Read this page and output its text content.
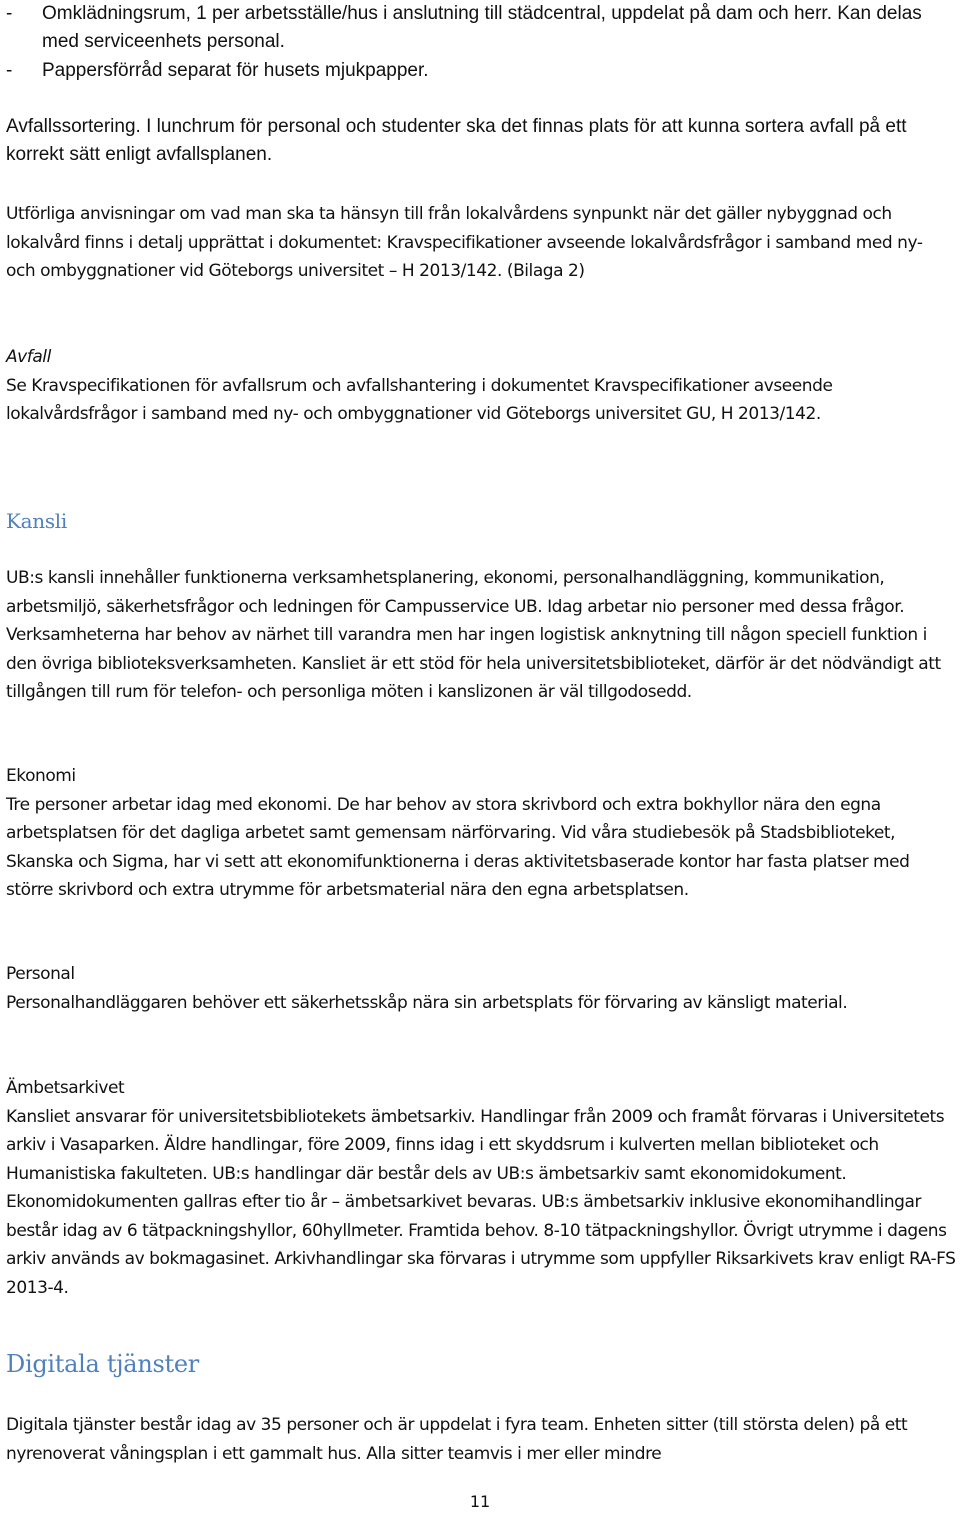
- Omklädningsrum, 1 per arbetsställe/hus i anslutning till städcentral, uppdelat på dam och herr. Kan delas med serviceenhets personal.
- Pappersförråd separat för husets mjukpapper.

Avfallssortering. I lunchrum för personal och studenter ska det finnas plats för att kunna sortera avfall på ett korrekt sätt enligt avfallsplanen.

Utförliga anvisningar om vad man ska ta hänsyn till från lokalvårdens synpunkt när det gäller nybyggnad och lokalvård finns i detalj upprättat i dokumentet: Kravspecifikationer avseende lokalvårdsfrågor i samband med ny- och ombyggnationer vid Göteborgs universitet – H 2013/142. (Bilaga 2)

Avfall

Se Kravspecifikationen för avfallsrum och avfallshantering i dokumentet Kravspecifikationer avseende lokalvårdsfrågor i samband med ny- och ombyggnationer vid Göteborgs universitet GU, H 2013/142.

Kansli

UB:s kansli innehåller funktionerna verksamhetsplanering, ekonomi, personalhandläggning, kommunikation, arbetsmiljö, säkerhetsfrågor och ledningen för Campusservice UB. Idag arbetar nio personer med dessa frågor. Verksamheterna har behov av närhet till varandra men har ingen logistisk anknytning till någon speciell funktion i den övriga biblioteksverksamheten. Kansliet är ett stöd för hela universitetsbiblioteket, därför är det nödvändigt att tillgången till rum för telefon- och personliga möten i kanslizonen är väl tillgodosedd.

Ekonomi

Tre personer arbetar idag med ekonomi. De har behov av stora skrivbord och extra bokhyllor nära den egna arbetsplatsen för det dagliga arbetet samt gemensam närförvaring. Vid våra studiebesök på Stadsbiblioteket, Skanska och Sigma, har vi sett att ekonomifunktionerna i deras aktivitetsbaserade kontor har fasta platser med större skrivbord och extra utrymme för arbetsmaterial nära den egna arbetsplatsen.

Personal

Personalhandläggaren behöver ett säkerhetsskåp nära sin arbetsplats för förvaring av känsligt material.

Ämbetsarkivet

Kansliet ansvarar för universitetsbibliotekets ämbetsarkiv. Handlingar från 2009 och framåt förvaras i Universitetets arkiv i Vasaparken. Äldre handlingar, före 2009, finns idag i ett skyddsrum i kulverten mellan biblioteket och Humanistiska fakulteten. UB:s handlingar där består dels av UB:s ämbetsarkiv samt ekonomidokument. Ekonomidokumenten gallras efter tio år – ämbetsarkivet bevaras. UB:s ämbetsarkiv inklusive ekonomihandlingar består idag av 6 tätpackningshyllor, 60hyllmeter. Framtida behov. 8-10 tätpackningshyllor. Övrigt utrymme i dagens arkiv används av bokmagasinet. Arkivhandlingar ska förvaras i utrymme som uppfyller Riksarkivets krav enligt RA-FS 2013-4.

Digitala tjänster

Digitala tjänster består idag av 35 personer och är uppdelat i fyra team. Enheten sitter (till största delen) på ett nyrenoverat våningsplan i ett gammalt hus. Alla sitter teamvis i mer eller mindre

11
